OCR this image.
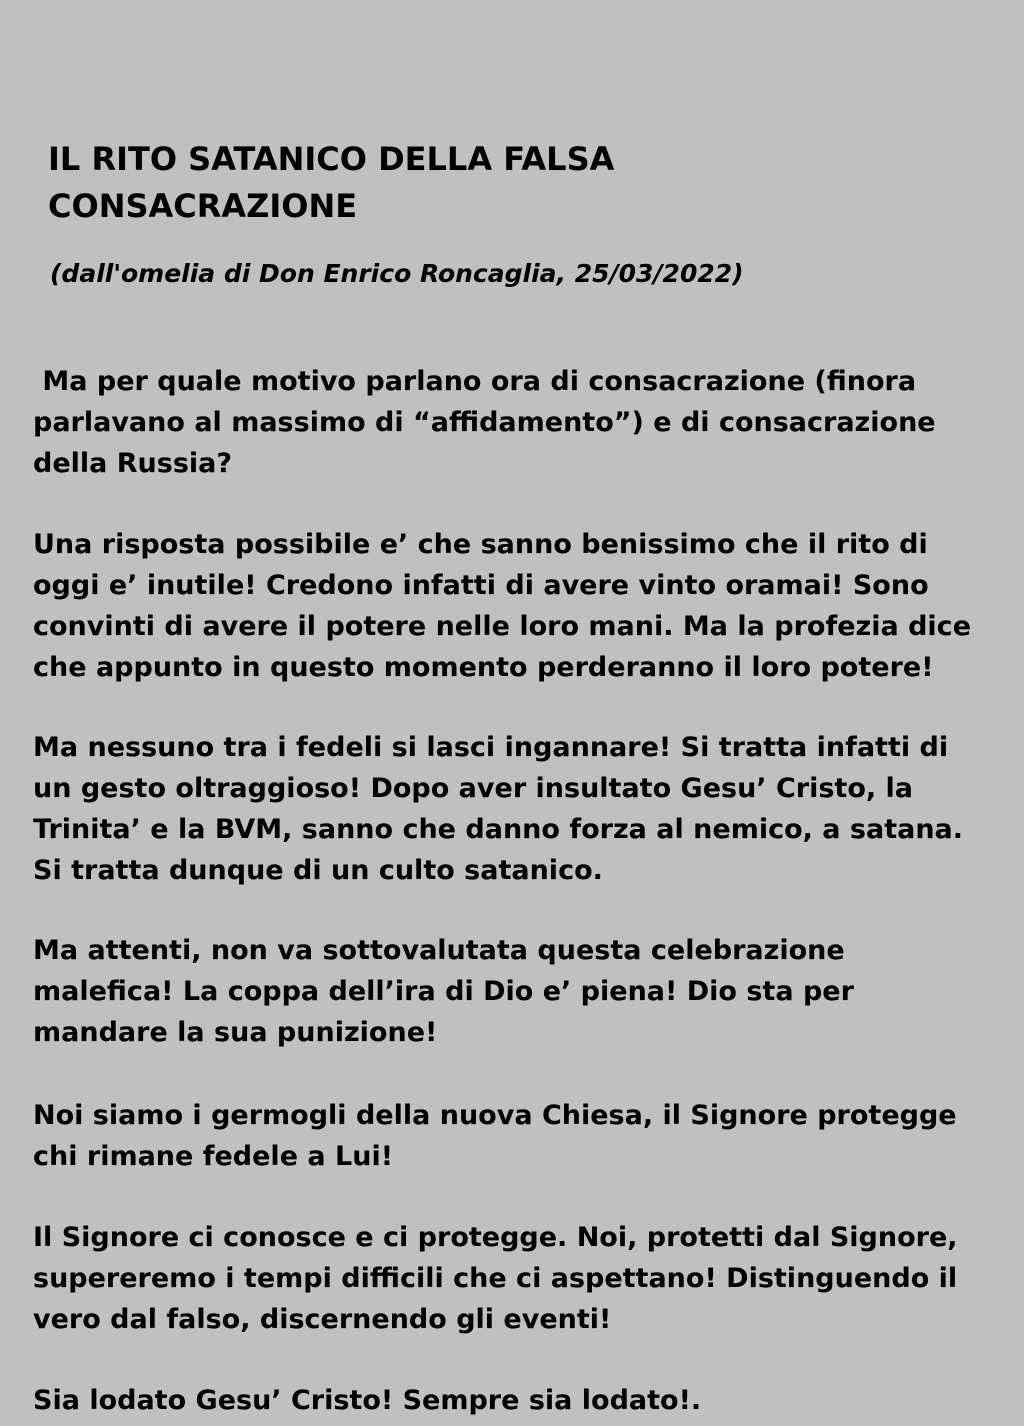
IL RITO SATANICO DELLA FALSA
CONSACRAZIONE

(dall'omelia di Don Enrico Roncaglia, 25/03/2022)

Ma per quale motivo parlano ora di consacrazione (finora
parlavano al massimo di “affidamento”) e di consacrazione
della Russia?

Una risposta possibile e’ che sanno benissimo che il rito di
oggi e’ inutile! Credono infatti di avere vinto oramai! Sono
convinti di avere il potere nelle loro mani. Ma la profezia dice
che appunto in questo momento perderanno il loro potere!

Ma nessuno tra i fedeli si lasci ingannare! Si tratta infatti di
un gesto oltraggioso! Dopo aver insultato Gesu’ Cristo, la
Trinita’ e la BVM, sanno che danno forza al nemico, a satana.
Si tratta dunque di un culto satanico.

Ma attenti, non va sottovalutata questa celebrazione
malefica! La coppa dell’ira di Dio e’ piena! Dio sta per
mandare la sua punizione!

Noi siamo i germogli della nuova Chiesa, il Signore protegge
chi rimane fedele a Lui!

Il Signore ci conosce e ci protegge. Noi, protetti dal Signore,
supereremo i tempi difficili che ci aspettano! Distinguendo il
vero dal falso, discernendo gli eventi!

Sia lodato Gesu’ Cristo! Sempre sia lodato!.
